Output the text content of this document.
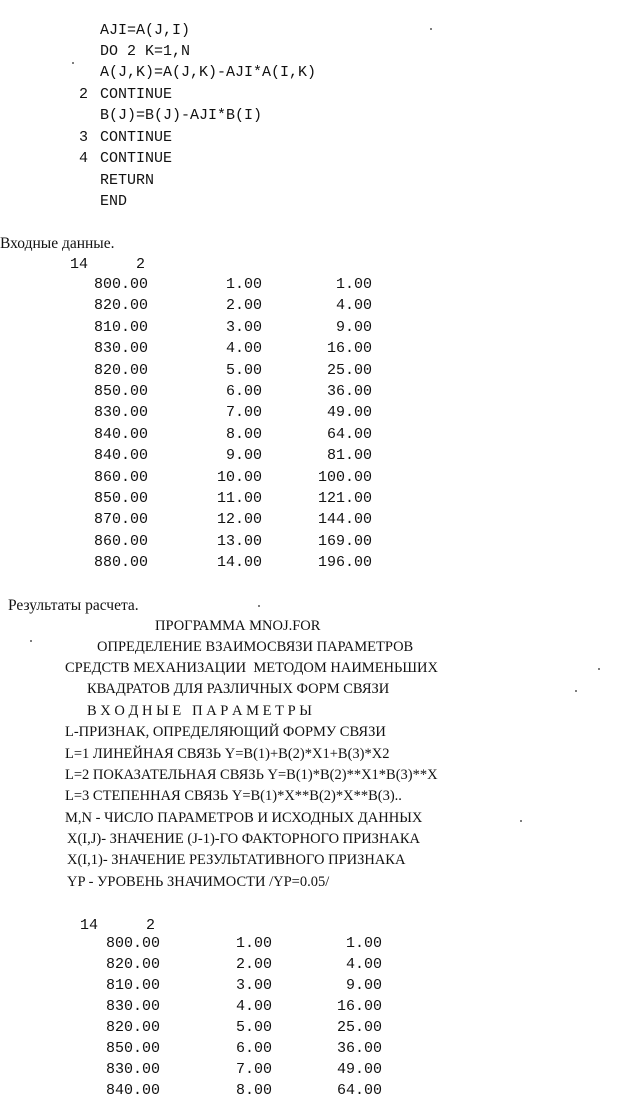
AJI=A(J,I)
DO 2 K=1,N
A(J,K)=A(J,K)-AJI*A(I,K)
2 CONTINUE
B(J)=B(J)-AJI*B(I)
3 CONTINUE
4 CONTINUE
RETURN
END
Входные данные.
14	2
800.00	1.00	1.00
820.00	2.00	4.00
810.00	3.00	9.00
830.00	4.00	16.00
820.00	5.00	25.00
850.00	6.00	36.00
830.00	7.00	49.00
840.00	8.00	64.00
840.00	9.00	81.00
860.00	10.00	100.00
850.00	11.00	121.00
870.00	12.00	144.00
860.00	13.00	169.00
880.00	14.00	196.00
Результаты расчета.
ПРОГРАММА MNOJ.FOR
ОПРЕДЕЛЕНИЕ ВЗАИМОСВЯЗИ ПАРАМЕТРОВ
СРЕДСТВ МЕХАНИЗАЦИИ  МЕТОДОМ НАИМЕНЬШИХ
КВАДРАТОВ ДЛЯ РАЗЛИЧНЫХ ФОРМ СВЯЗИ
В Х О Д Н Ы Е   П А Р А М Е Т Р Ы
L-ПРИЗНАК, ОПРЕДЕЛЯЮЩИЙ ФОРМУ СВЯЗИ
L=1 ЛИНЕЙНАЯ СВЯЗЬ Y=B(1)+B(2)*X1+B(3)*X2
L=2 ПОКАЗАТЕЛЬНАЯ СВЯЗЬ Y=B(1)*B(2)**X1*B(3)**X
L=3 СТЕПЕННАЯ СВЯЗЬ Y=B(1)*X**B(2)*X**B(3)..
M,N - ЧИСЛО ПАРАМЕТРОВ И ИСХОДНЫХ ДАННЫХ
X(I,J)- ЗНАЧЕНИЕ (J-1)-ГО ФАКТОРНОГО ПРИЗНАКА
X(I,1)- ЗНАЧЕНИЕ РЕЗУЛЬТАТИВНОГО ПРИЗНАКА
YP - УРОВЕНЬ ЗНАЧИМОСТИ /YP=0.05/
14	2
800.00	1.00	1.00
820.00	2.00	4.00
810.00	3.00	9.00
830.00	4.00	16.00
820.00	5.00	25.00
850.00	6.00	36.00
830.00	7.00	49.00
840.00	8.00	64.00
